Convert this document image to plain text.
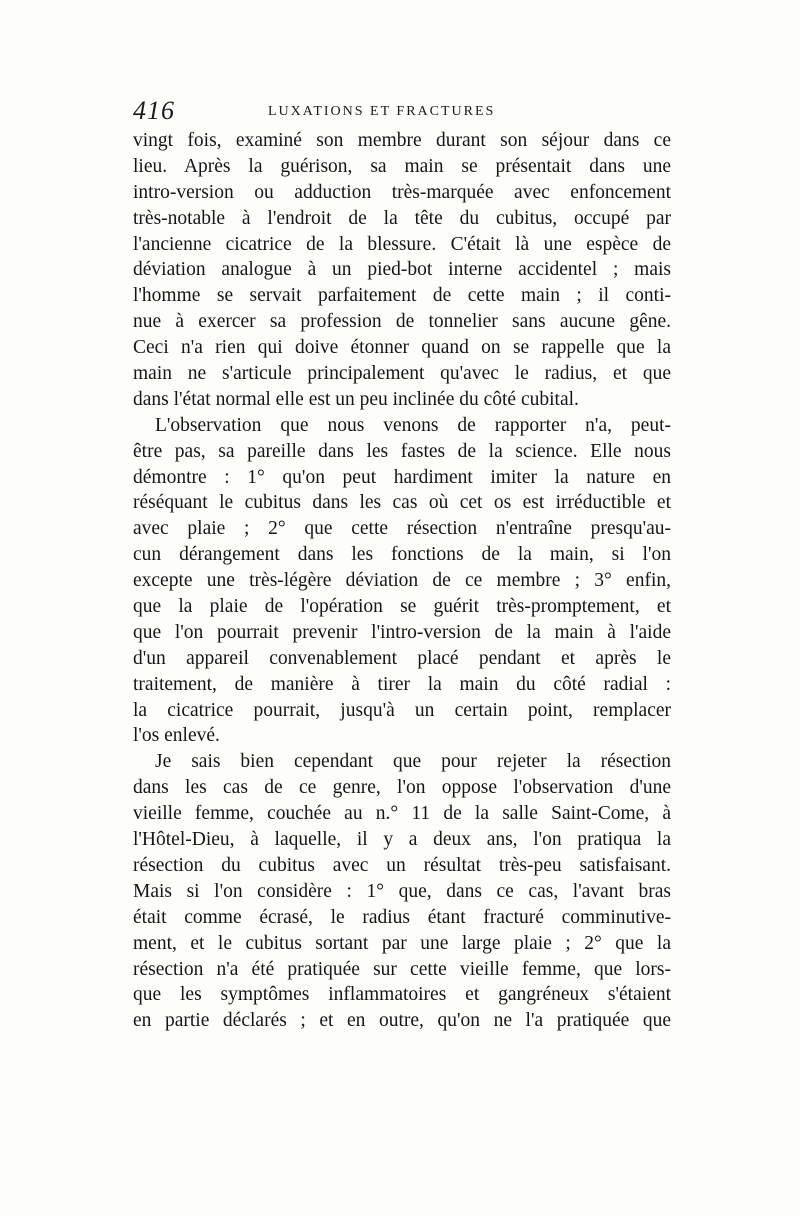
416	LUXATIONS ET FRACTURES
vingt fois, examiné son membre durant son séjour dans ce
lieu. Après la guérison, sa main se présentait dans une
intro-version ou adduction très-marquée avec enfoncement
très-notable à l'endroit de la tête du cubitus, occupé par
l'ancienne cicatrice de la blessure. C'était là une espèce de
déviation analogue à un pied-bot interne accidentel ; mais
l'homme se servait parfaitement de cette main ; il conti-
nue à exercer sa profession de tonnelier sans aucune gêne.
Ceci n'a rien qui doive étonner quand on se rappelle que la
main ne s'articule principalement qu'avec le radius, et que
dans l'état normal elle est un peu inclinée du côté cubital.
L'observation que nous venons de rapporter n'a, peut-
être pas, sa pareille dans les fastes de la science. Elle nous
démontre : 1° qu'on peut hardiment imiter la nature en
réséquant le cubitus dans les cas où cet os est irréductible et
avec plaie ; 2° que cette résection n'entraîne presqu'au-
cun dérangement dans les fonctions de la main, si l'on
excepte une très-légère déviation de ce membre ; 3° enfin,
que la plaie de l'opération se guérit très-promptement, et
que l'on pourrait prevenir l'intro-version de la main à l'aide
d'un appareil convenablement placé pendant et après le
traitement, de manière à tirer la main du côté radial :
la cicatrice pourrait, jusqu'à un certain point, remplacer
l'os enlevé.
Je sais bien cependant que pour rejeter la résection
dans les cas de ce genre, l'on oppose l'observation d'une
vieille femme, couchée au n.° 11 de la salle Saint-Come, à
l'Hôtel-Dieu, à laquelle, il y a deux ans, l'on pratiqua la
résection du cubitus avec un résultat très-peu satisfaisant.
Mais si l'on considère : 1° que, dans ce cas, l'avant bras
était comme écrasé, le radius étant fracturé comminutive-
ment, et le cubitus sortant par une large plaie ; 2° que la
résection n'a été pratiquée sur cette vieille femme, que lors-
que les symptômes inflammatoires et gangréneux s'étaient
en partie déclarés ; et en outre, qu'on ne l'a pratiquée que
